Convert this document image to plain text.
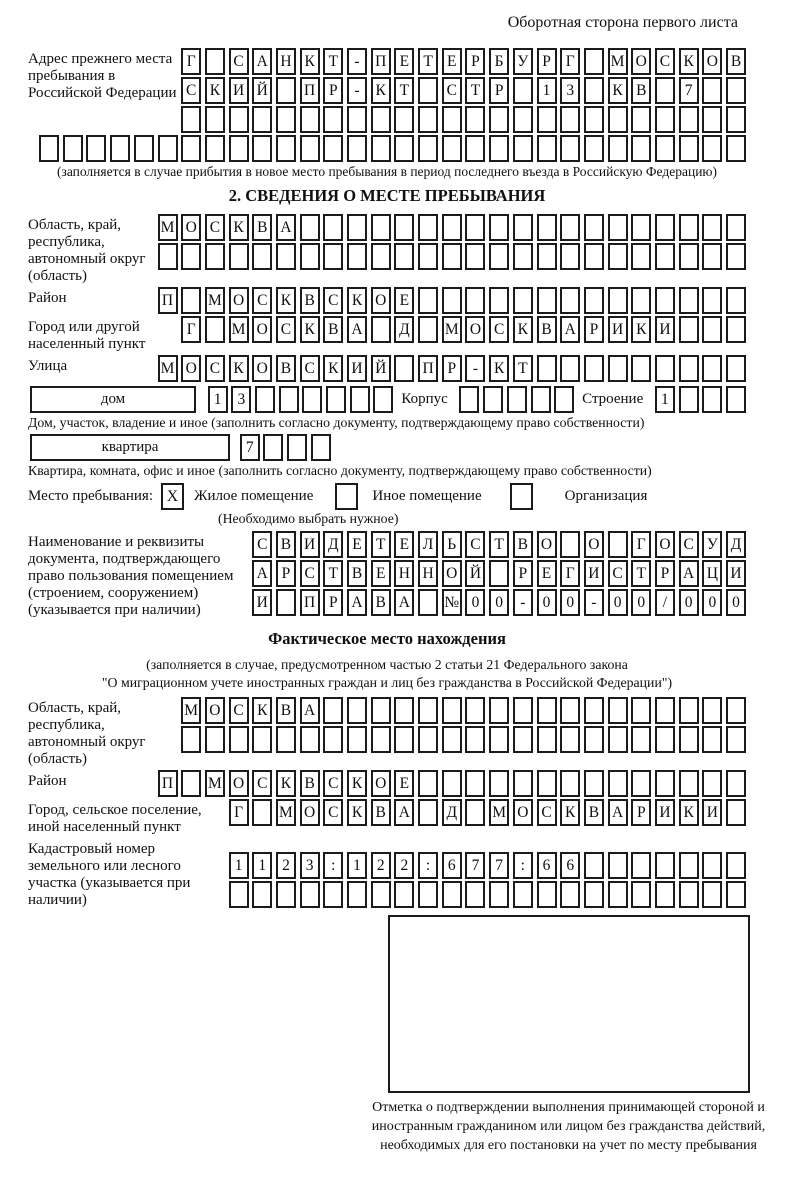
Оборотная сторона первого листа
Адрес прежнего места пребывания в Российской Федерации
Г С А Н К Т - П Е Т Е Р Б У Р Г М О С К О В
С К И Й П Р - К Т С Т Р	1 3 К В 7
(заполняется в случае прибытия в новое место пребывания в период последнего въезда в Российскую Федерацию)
2. СВЕДЕНИЯ О МЕСТЕ ПРЕБЫВАНИЯ
Область, край, республика, автономный округ (область)
М О С К В А
Район	П М О С К В С К О Е
Город или другой населенный пункт
Г М О С К В А Д М О С К В А Р И К И
Улица	М О С К О В С К И Й П Р - К Т
дом	1 3	Корпус	Строение	1
Дом, участок, владение и иное (заполнить согласно документу, подтверждающему право собственности)
квартира	7
Квартира, комната, офис и иное (заполнить согласно документу, подтверждающему право собственности)
Место пребывания: X	Жилое помещение	Иное помещение	Организация
(Необходимо выбрать нужное)
Наименование и реквизиты документа, подтверждающего право пользования помещением (строением, сооружением) (указывается при наличии)
С В И Д Е Т Е Л Ь С Т В О О Г О С У Д
А Р С Т В Е Н Н О Й Р Е Г И С Т Р А Ц И
И П Р А В А № 0 0 - 0 0 - 0 0 / 0 0 0
Фактическое место нахождения
(заполняется в случае, предусмотренном частью 2 статьи 21 Федерального закона
"О миграционном учете иностранных граждан и лиц без гражданства в Российской Федерации")
Область, край, республика, автономный округ (область)
М О С К В А
Район	П М О С К В С К О Е
Город, сельское поселение, иной населенный пункт
Г М О С К В А Д М О С К В А Р И К И
Кадастровый номер земельного или лесного участка (указывается при наличии)
1 1 2 3 : 1 2 2 : 6 7 7 : 6 6
Отметка о подтверждении выполнения принимающей стороной и иностранным гражданином или лицом без гражданства действий, необходимых для его постановки на учет по месту пребывания
